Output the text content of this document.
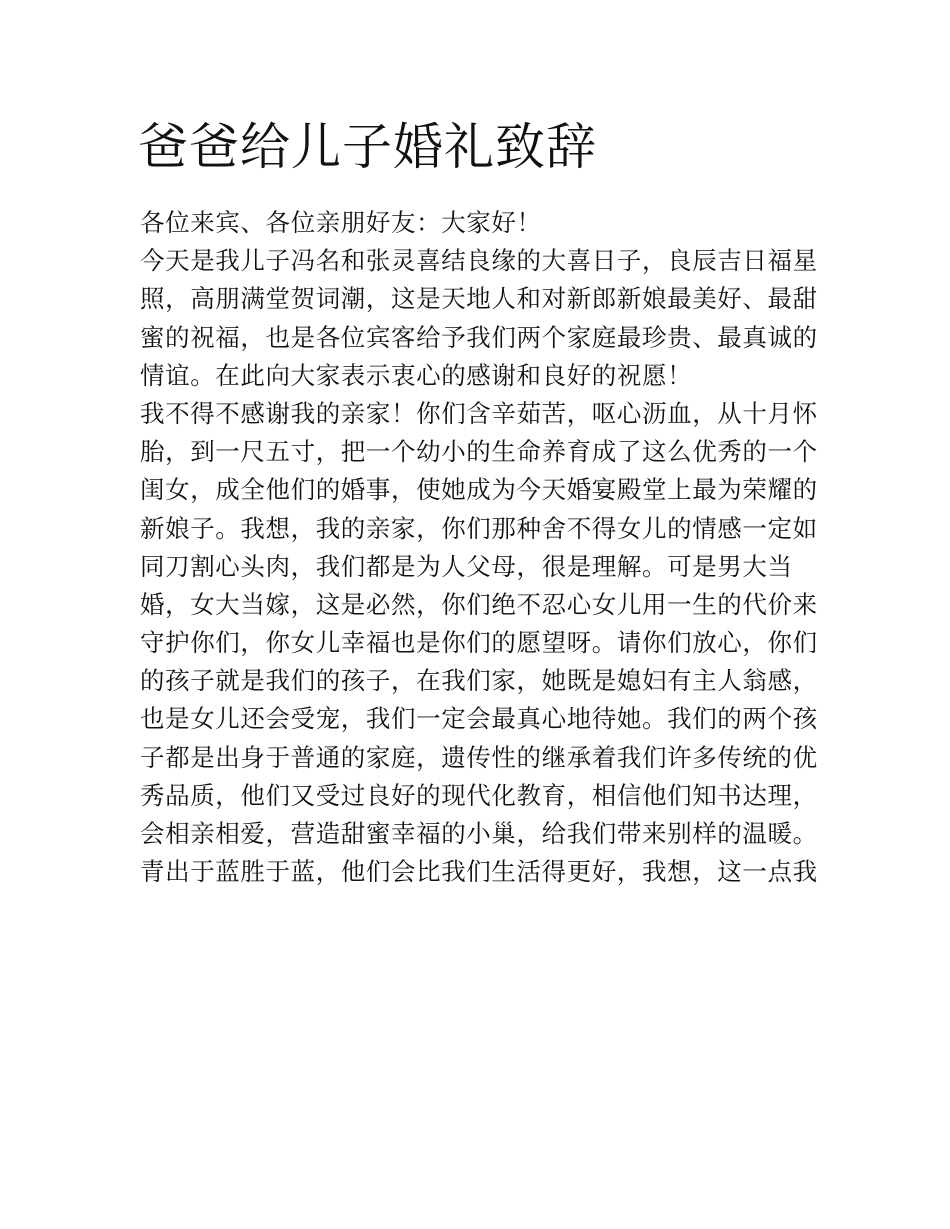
爸爸给儿子婚礼致辞
各位来宾、各位亲朋好友：大家好！
今天是我儿子冯名和张灵喜结良缘的大喜日子，良辰吉日福星
照，高朋满堂贺词潮，这是天地人和对新郎新娘最美好、最甜
蜜的祝福，也是各位宾客给予我们两个家庭最珍贵、最真诚的
情谊。在此向大家表示衷心的感谢和良好的祝愿！
我不得不感谢我的亲家！你们含辛茹苦，呕心沥血，从十月怀
胎，到一尺五寸，把一个幼小的生命养育成了这么优秀的一个
闺女，成全他们的婚事，使她成为今天婚宴殿堂上最为荣耀的
新娘子。我想，我的亲家，你们那种舍不得女儿的情感一定如
同刀割心头肉，我们都是为人父母，很是理解。可是男大当
婚，女大当嫁，这是必然，你们绝不忍心女儿用一生的代价来
守护你们，你女儿幸福也是你们的愿望呀。请你们放心，你们
的孩子就是我们的孩子，在我们家，她既是媳妇有主人翁感，
也是女儿还会受宠，我们一定会最真心地待她。我们的两个孩
子都是出身于普通的家庭，遗传性的继承着我们许多传统的优
秀品质，他们又受过良好的现代化教育，相信他们知书达理，
会相亲相爱，营造甜蜜幸福的小巢，给我们带来别样的温暖。
青出于蓝胜于蓝，他们会比我们生活得更好，我想，这一点我
